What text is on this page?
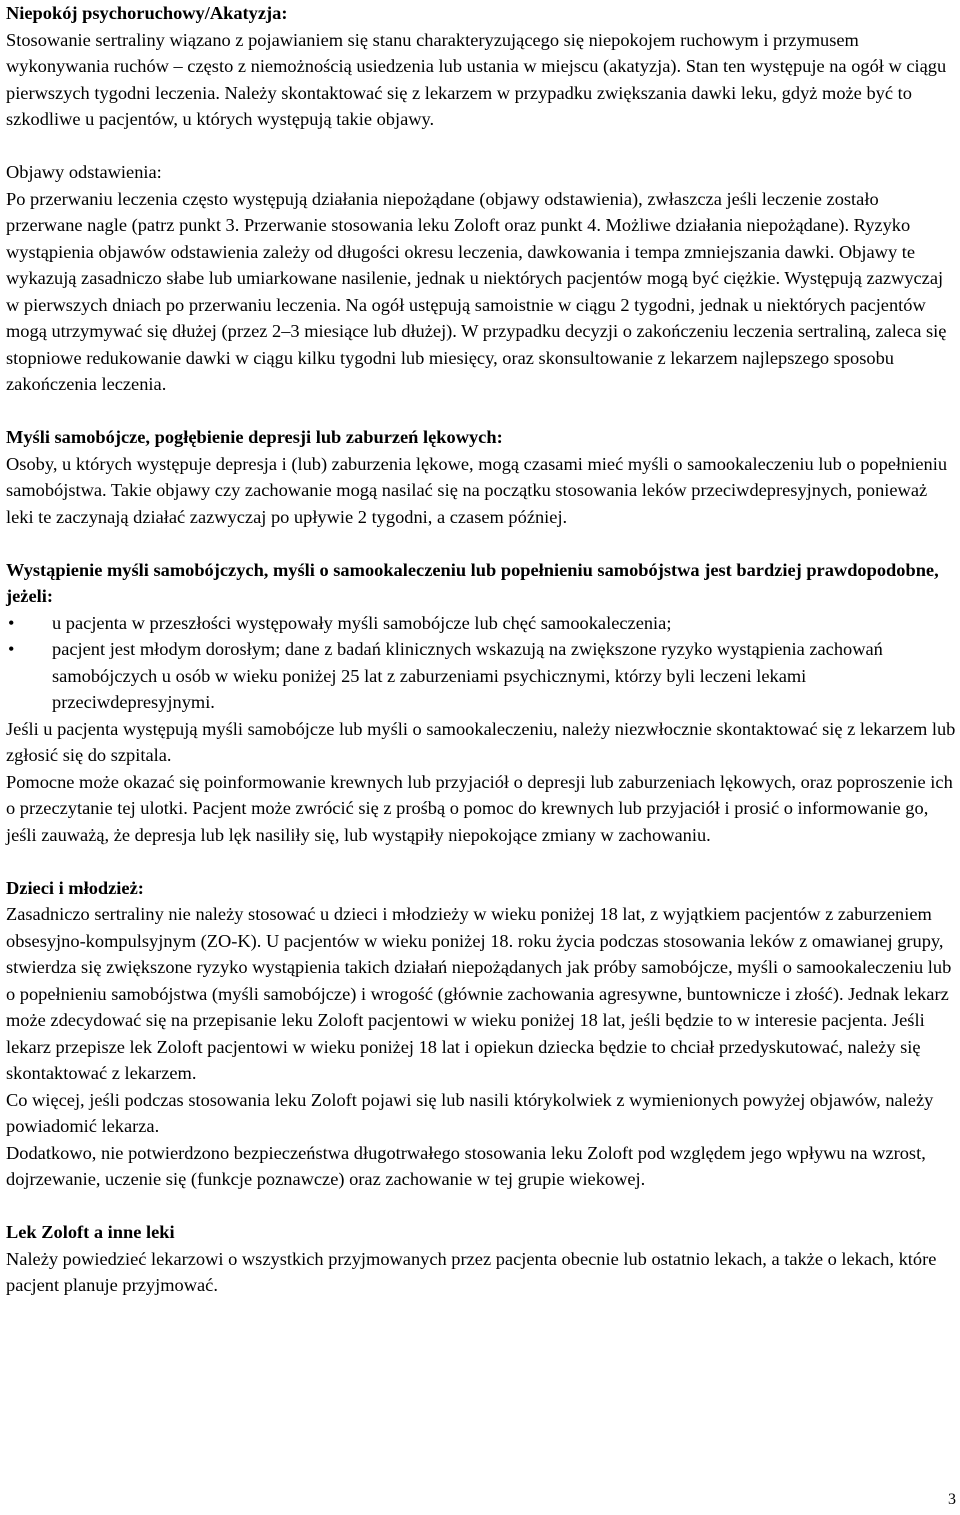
Niepokój psychoruchowy/Akatyzja:

Stosowanie sertraliny wiązano z pojawianiem się stanu charakteryzującego się niepokojem ruchowym i przymusem wykonywania ruchów – często z niemożnością usiedzenia lub ustania w miejscu (akatyzja). Stan ten występuje na ogół w ciągu pierwszych tygodni leczenia. Należy skontaktować się z lekarzem w przypadku zwiększania dawki leku, gdyż może być to szkodliwe u pacjentów, u których występują takie objawy.

Objawy odstawienia:

Po przerwaniu leczenia często występują działania niepożądane (objawy odstawienia), zwłaszcza jeśli leczenie zostało przerwane nagle (patrz punkt 3. Przerwanie stosowania leku Zoloft oraz punkt 4. Możliwe działania niepożądane). Ryzyko wystąpienia objawów odstawienia zależy od długości okresu leczenia, dawkowania i tempa zmniejszania dawki. Objawy te wykazują zasadniczo słabe lub umiarkowane nasilenie, jednak u niektórych pacjentów mogą być ciężkie. Występują zazwyczaj w pierwszych dniach po przerwaniu leczenia. Na ogół ustępują samoistnie w ciągu 2 tygodni, jednak u niektórych pacjentów mogą utrzymywać się dłużej (przez 2–3 miesiące lub dłużej). W przypadku decyzji o zakończeniu leczenia sertraliną, zaleca się stopniowe redukowanie dawki w ciągu kilku tygodni lub miesięcy, oraz skonsultowanie z lekarzem najlepszego sposobu zakończenia leczenia.

Myśli samobójcze, pogłębienie depresji lub zaburzeń lękowych:

Osoby, u których występuje depresja i (lub) zaburzenia lękowe, mogą czasami mieć myśli o samookaleczeniu lub o popełnieniu samobójstwa. Takie objawy czy zachowanie mogą nasilać się na początku stosowania leków przeciwdepresyjnych, ponieważ leki te zaczynają działać zazwyczaj po upływie 2 tygodni, a czasem później.

Wystąpienie myśli samobójczych, myśli o samookaleczeniu lub popełnieniu samobójstwa jest bardziej prawdopodobne, jeżeli:

•	u pacjenta w przeszłości występowały myśli samobójcze lub chęć samookaleczenia;
•	pacjent jest młodym dorosłym; dane z badań klinicznych wskazują na zwiększone ryzyko wystąpienia zachowań samobójczych u osób w wieku poniżej 25 lat z zaburzeniami psychicznymi, którzy byli leczeni lekami przeciwdepresyjnymi.

Jeśli u pacjenta występują myśli samobójcze lub myśli o samookaleczeniu, należy niezwłocznie skontaktować się z lekarzem lub zgłosić się do szpitala.

Pomocne może okazać się poinformowanie krewnych lub przyjaciół o depresji lub zaburzeniach lękowych, oraz poproszenie ich o przeczytanie tej ulotki. Pacjent może zwrócić się z prośbą o pomoc do krewnych lub przyjaciół i prosić o informowanie go, jeśli zauważą, że depresja lub lęk nasiliły się, lub wystąpiły niepokojące zmiany w zachowaniu.

Dzieci i młodzież:

Zasadniczo sertraliny nie należy stosować u dzieci i młodzieży w wieku poniżej 18 lat, z wyjątkiem pacjentów z zaburzeniem obsesyjno-kompulsyjnym (ZO-K). U pacjentów w wieku poniżej 18. roku życia podczas stosowania leków z omawianej grupy, stwierdza się zwiększone ryzyko wystąpienia takich działań niepożądanych jak próby samobójcze, myśli o samookaleczeniu lub o popełnieniu samobójstwa (myśli samobójcze) i wrogość (głównie zachowania agresywne, buntownicze i złość). Jednak lekarz może zdecydować się na przepisanie leku Zoloft pacjentowi w wieku poniżej 18 lat, jeśli będzie to w interesie pacjenta. Jeśli lekarz przepisze lek Zoloft pacjentowi w wieku poniżej 18 lat i opiekun dziecka będzie to chciał przedyskutować, należy się skontaktować z lekarzem.

Co więcej, jeśli podczas stosowania leku Zoloft pojawi się lub nasili którykolwiek z wymienionych powyżej objawów, należy powiadomić lekarza.

Dodatkowo, nie potwierdzono bezpieczeństwa długotrwałego stosowania leku Zoloft pod względem jego wpływu na wzrost, dojrzewanie, uczenie się (funkcje poznawcze) oraz zachowanie w tej grupie wiekowej.

Lek Zoloft a inne leki

Należy powiedzieć lekarzowi o wszystkich przyjmowanych przez pacjenta obecnie lub ostatnio lekach, a także o lekach, które pacjent planuje przyjmować.

3
